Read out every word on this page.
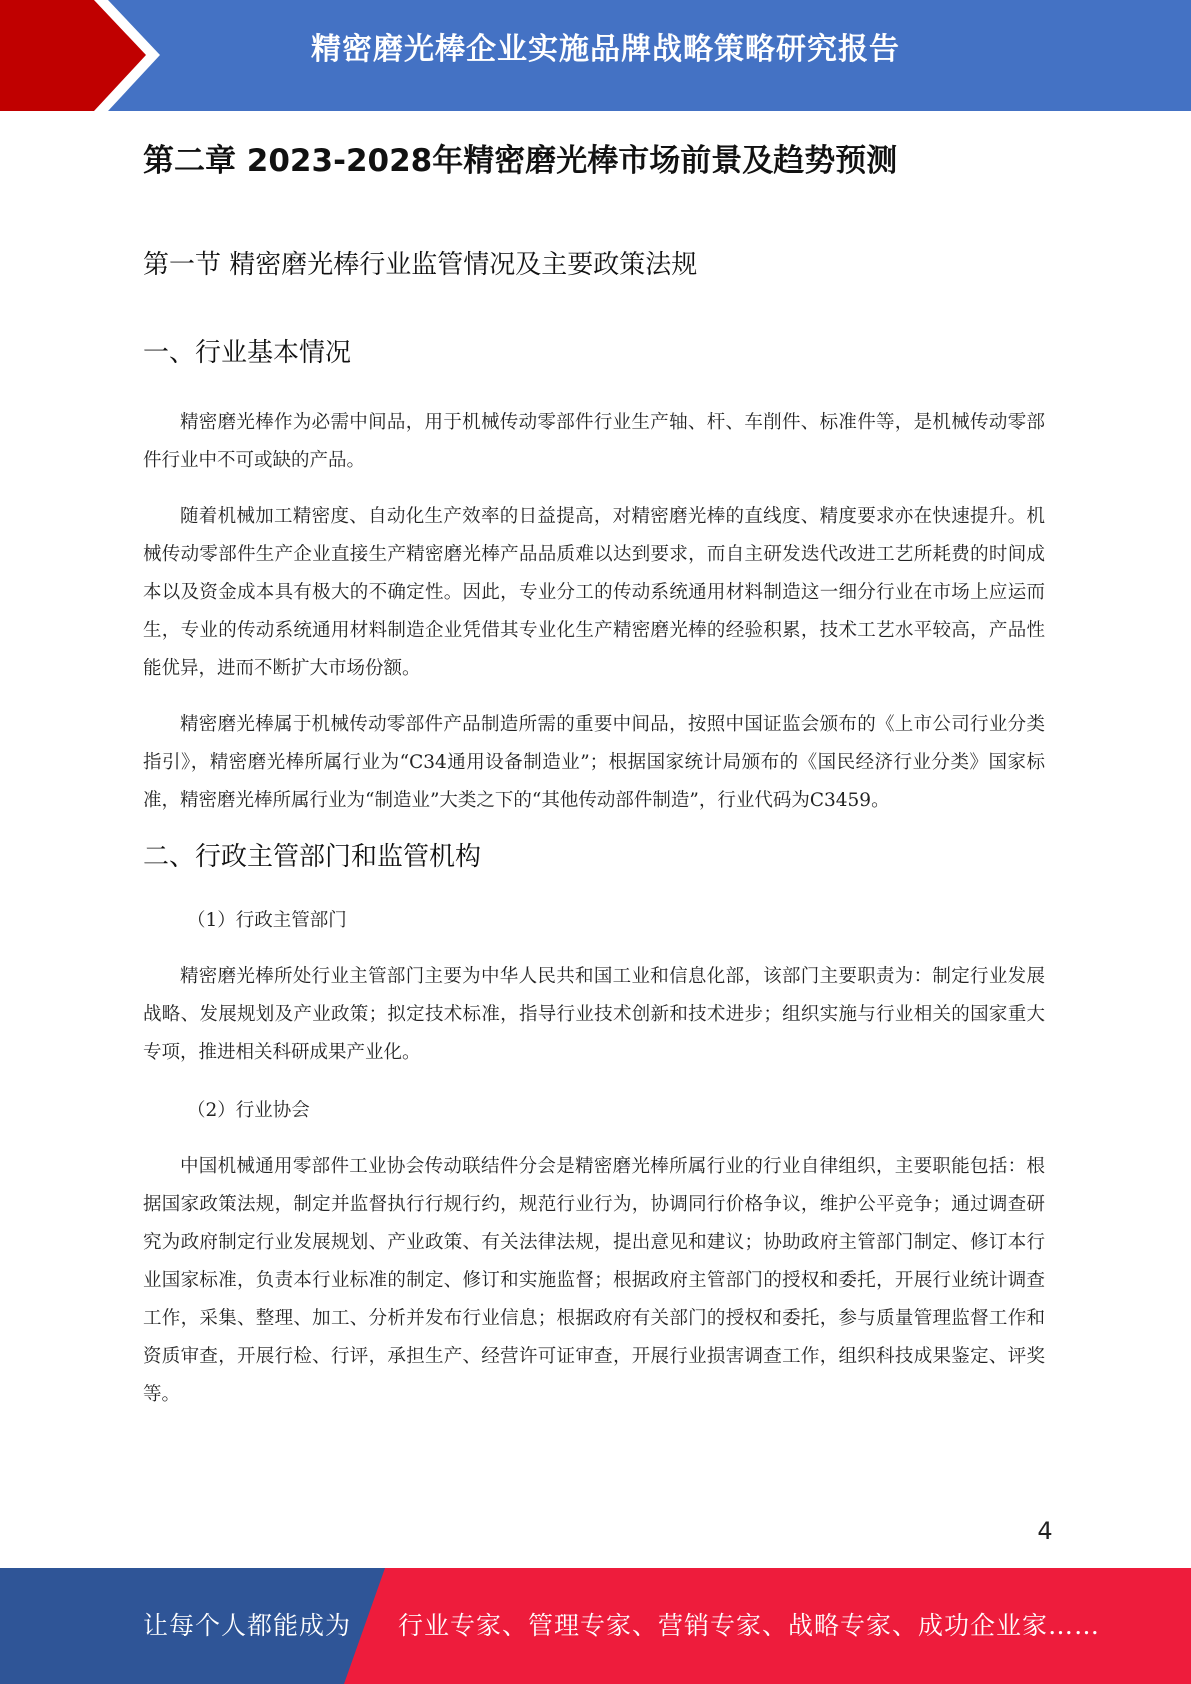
精密磨光棒企业实施品牌战略策略研究报告
第二章 2023-2028年精密磨光棒市场前景及趋势预测
第一节 精密磨光棒行业监管情况及主要政策法规
一、行业基本情况

精密磨光棒作为必需中间品，用于机械传动零部件行业生产轴、杆、车削件、标准件等，是机械传动零部件行业中不可或缺的产品。

随着机械加工精密度、自动化生产效率的日益提高，对精密磨光棒的直线度、精度要求亦在快速提升。机械传动零部件生产企业直接生产精密磨光棒产品品质难以达到要求，而自主研发迭代改进工艺所耗费的时间成本以及资金成本具有极大的不确定性。因此，专业分工的传动系统通用材料制造这一细分行业在市场上应运而生，专业的传动系统通用材料制造企业凭借其专业化生产精密磨光棒的经验积累，技术工艺水平较高，产品性能优异，进而不断扩大市场份额。

精密磨光棒属于机械传动零部件产品制造所需的重要中间品，按照中国证监会颁布的《上市公司行业分类指引》，精密磨光棒所属行业为“C34通用设备制造业”；根据国家统计局颁布的《国民经济行业分类》国家标准，精密磨光棒所属行业为“制造业”大类之下的“其他传动部件制造”，行业代码为C3459。

二、行政主管部门和监管机构
（1）行政主管部门

精密磨光棒所处行业主管部门主要为中华人民共和国工业和信息化部，该部门主要职责为：制定行业发展战略、发展规划及产业政策；拟定技术标准，指导行业技术创新和技术进步；组织实施与行业相关的国家重大专项，推进相关科研成果产业化。

（2）行业协会

中国机械通用零部件工业协会传动联结件分会是精密磨光棒所属行业的行业自律组织，主要职能包括：根据国家政策法规，制定并监督执行行规行约，规范行业行为，协调同行价格争议，维护公平竞争；通过调查研究为政府制定行业发展规划、产业政策、有关法律法规，提出意见和建议；协助政府主管部门制定、修订本行业国家标准，负责本行业标准的制定、修订和实施监督；根据政府主管部门的授权和委托，开展行业统计调查工作，采集、整理、加工、分析并发布行业信息；根据政府有关部门的授权和委托，参与质量管理监督工作和资质审查，开展行检、行评，承担生产、经营许可证审查，开展行业损害调查工作，组织科技成果鉴定、评奖等。

4
让每个人都能成为 行业专家、管理专家、营销专家、战略专家、成功企业家……
